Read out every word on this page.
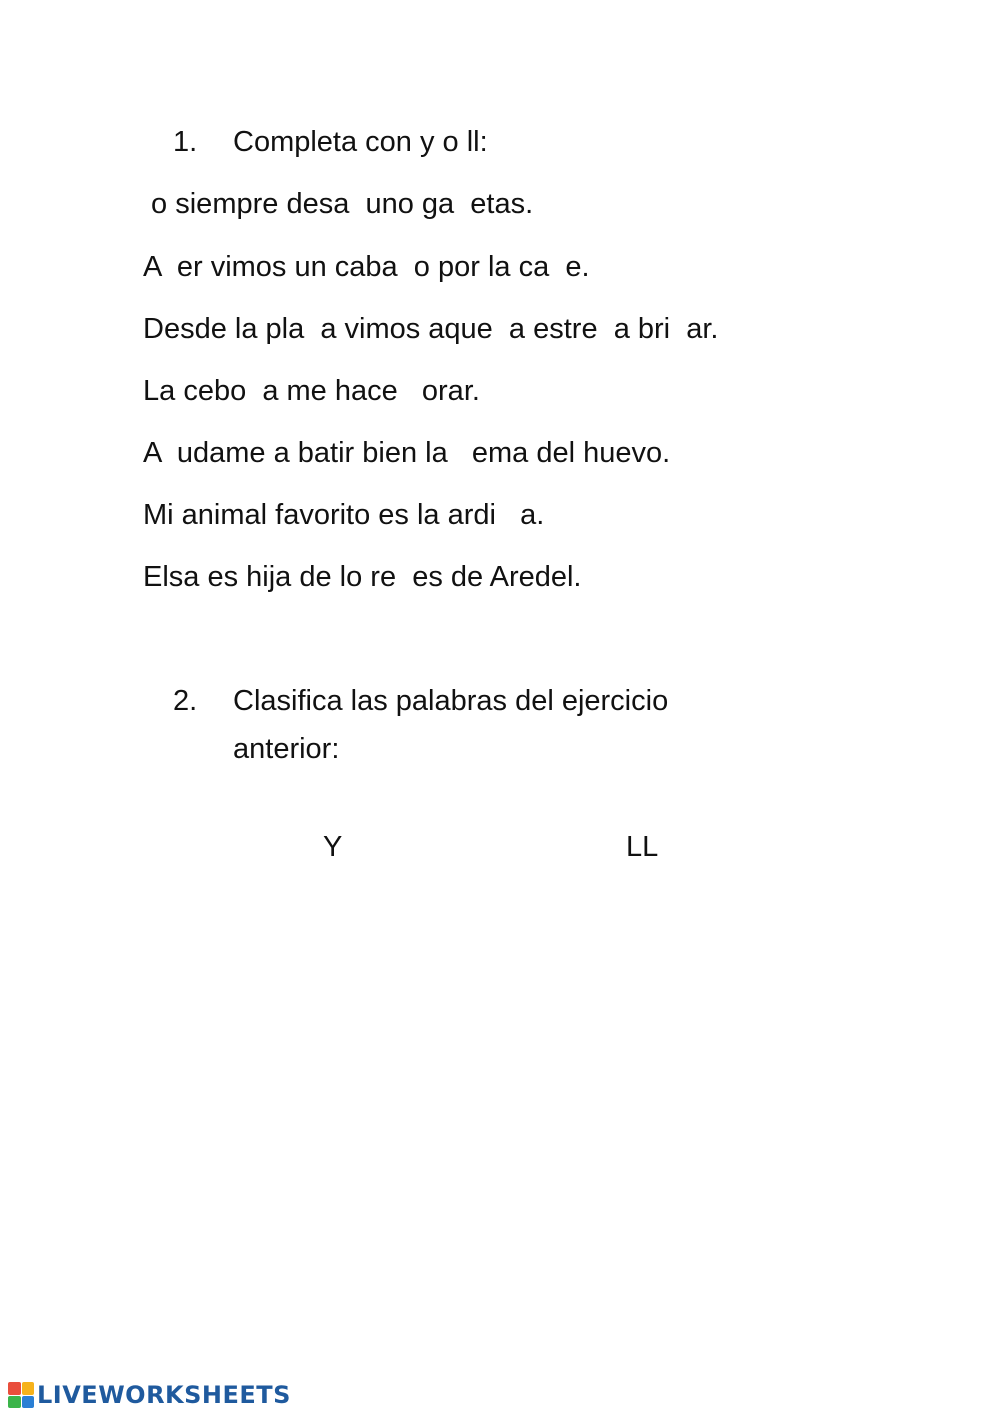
1. Completa con y o ll:
o siempre desa  uno ga  etas.
A  er vimos un caba  o por la ca  e.
Desde la pla  a vimos aque  a estre  a bri  ar.
La cebo  a me hace   orar.
A  udame a batir bien la   ema del huevo.
Mi animal favorito es la ardi   a.
Elsa es hija de lo re  es de Aredel.
2. Clasifica las palabras del ejercicio
anterior:
Y	LL
LIVEWORKSHEETS
